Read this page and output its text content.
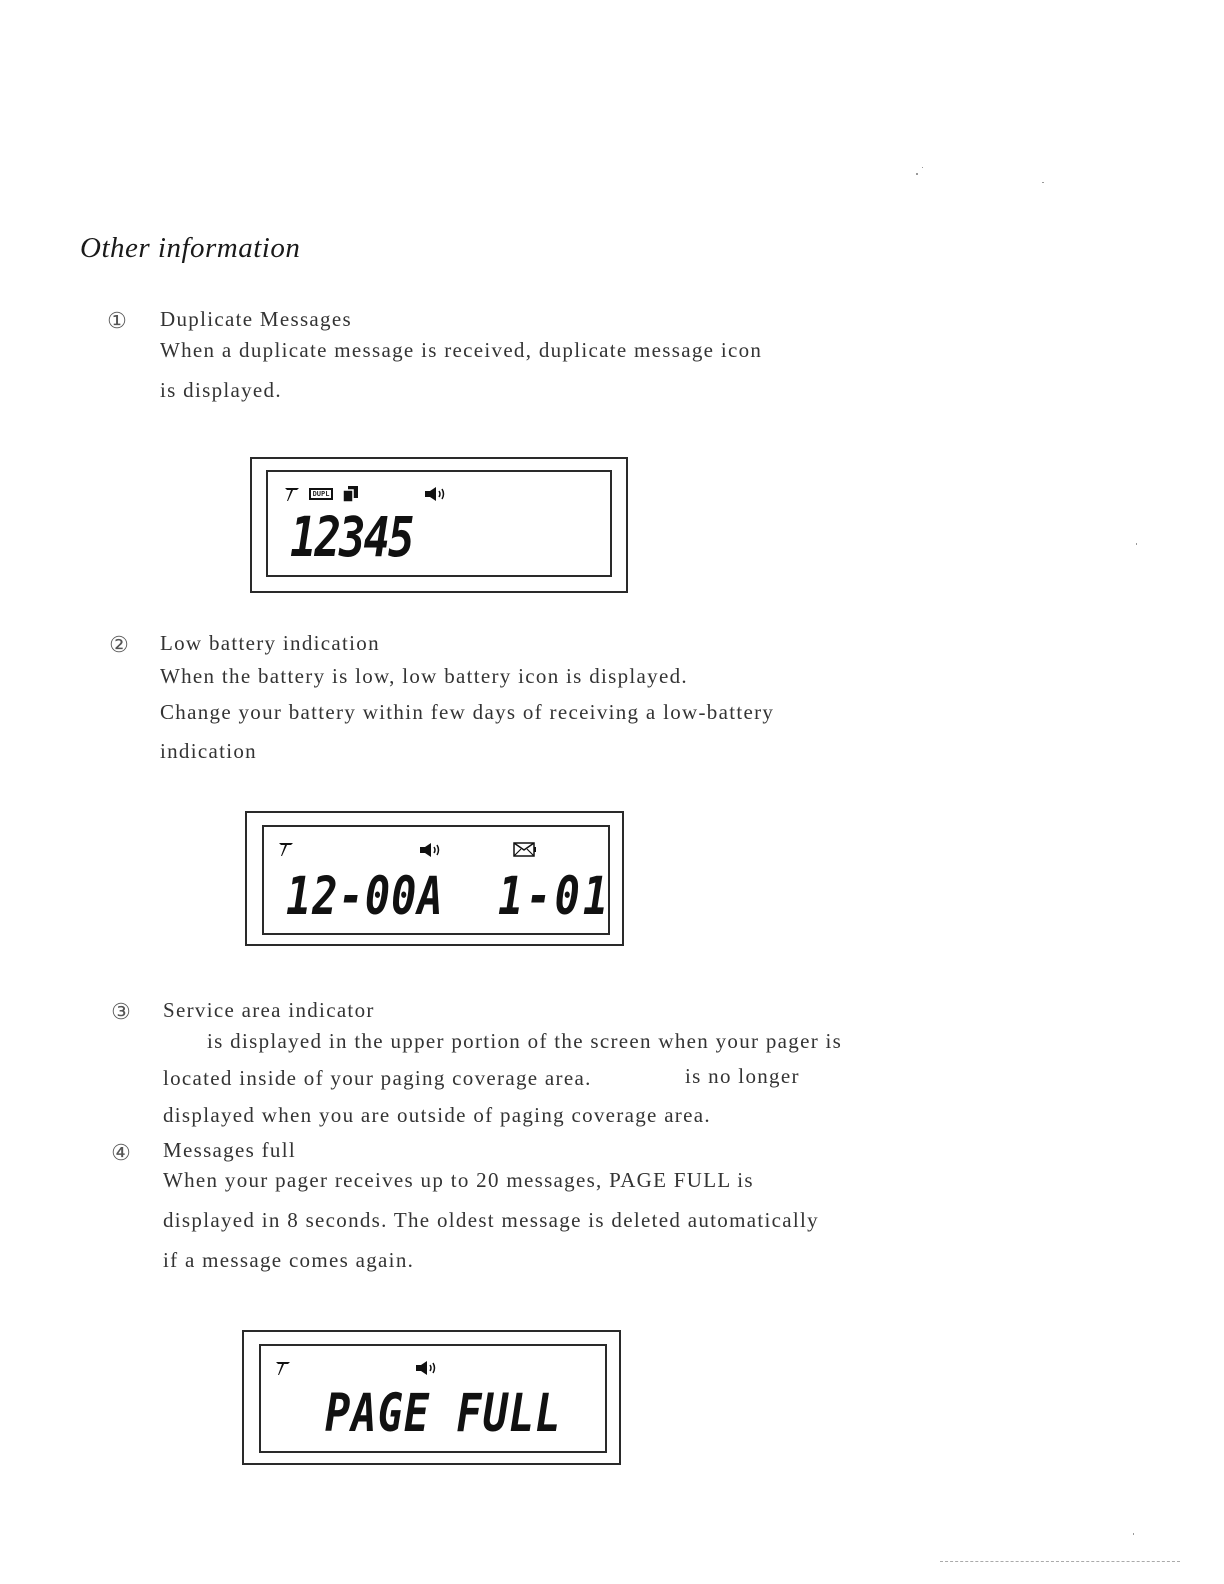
Other information
① Duplicate Messages
When a duplicate message is received, duplicate message icon
is displayed.
DUPL
12345
② Low battery indication
When the battery is low, low battery icon is displayed.
Change your battery within few days of receiving a low-battery
indication
12-00A 1-01
③ Service area indicator
is displayed in the upper portion of the screen when your pager is
located inside of your paging coverage area.	is no longer
displayed when you are outside of paging coverage area.
④ Messages full
When your pager receives up to 20 messages, PAGE FULL is
displayed in 8 seconds. The oldest message is deleted automatically
if a message comes again.
PAGE FULL
